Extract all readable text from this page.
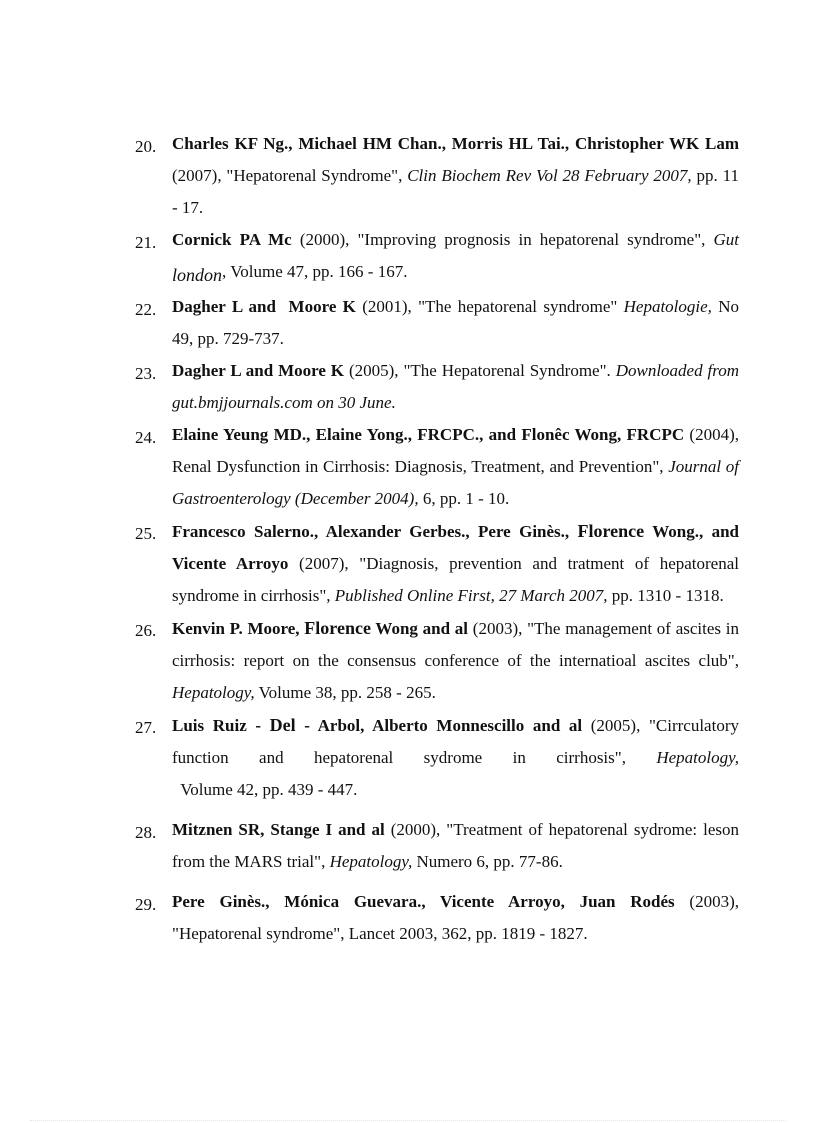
20. Charles KF Ng., Michael HM Chan., Morris HL Tai., Christopher WK Lam (2007), "Hepatorenal Syndrome", Clin Biochem Rev Vol 28 February 2007, pp. 11 - 17.
21. Cornick PA Mc (2000), "Improving prognosis in hepatorenal syndrome", Gut london, Volume 47, pp. 166 - 167.
22. Dagher L and  Moore K (2001), "The hepatorenal syndrome" Hepatologie, No 49, pp. 729-737.
23. Dagher L and Moore K (2005), "The Hepatorenal Syndrome". Downloaded from gut.bmjjournals.com on 30 June.
24. Elaine Yeung MD., Elaine Yong., FRCPC., and Flonêc Wong, FRCPC (2004), Renal Dysfunction in Cirrhosis: Diagnosis, Treatment, and Prevention", Journal of Gastroenterology (December 2004), 6, pp. 1 - 10.
25. Francesco Salerno., Alexander Gerbes., Pere Ginès., Florence Wong., and Vicente Arroyo (2007), "Diagnosis, prevention and tratment of hepatorenal syndrome in cirrhosis", Published Online First, 27 March 2007, pp. 1310 - 1318.
26. Kenvin P. Moore, Florence Wong and al (2003), "The management of ascites in cirrhosis: report on the consensus conference of the internatioal ascites club", Hepatology, Volume 38, pp. 258 - 265.
27. Luis Ruiz - Del - Arbol, Alberto Monnescillo and al (2005), "Cirrculatory function and hepatorenal sydrome in cirrhosis", Hepatology,  Volume 42, pp. 439 - 447.
28. Mitznen SR, Stange I and al (2000), "Treatment of hepatorenal sydrome: leson from the MARS trial", Hepatology, Numero 6, pp. 77-86.
29. Pere Ginès., Mónica Guevara., Vicente Arroyo, Juan Rodés (2003), "Hepatorenal syndrome", Lancet 2003, 362, pp. 1819 - 1827.
